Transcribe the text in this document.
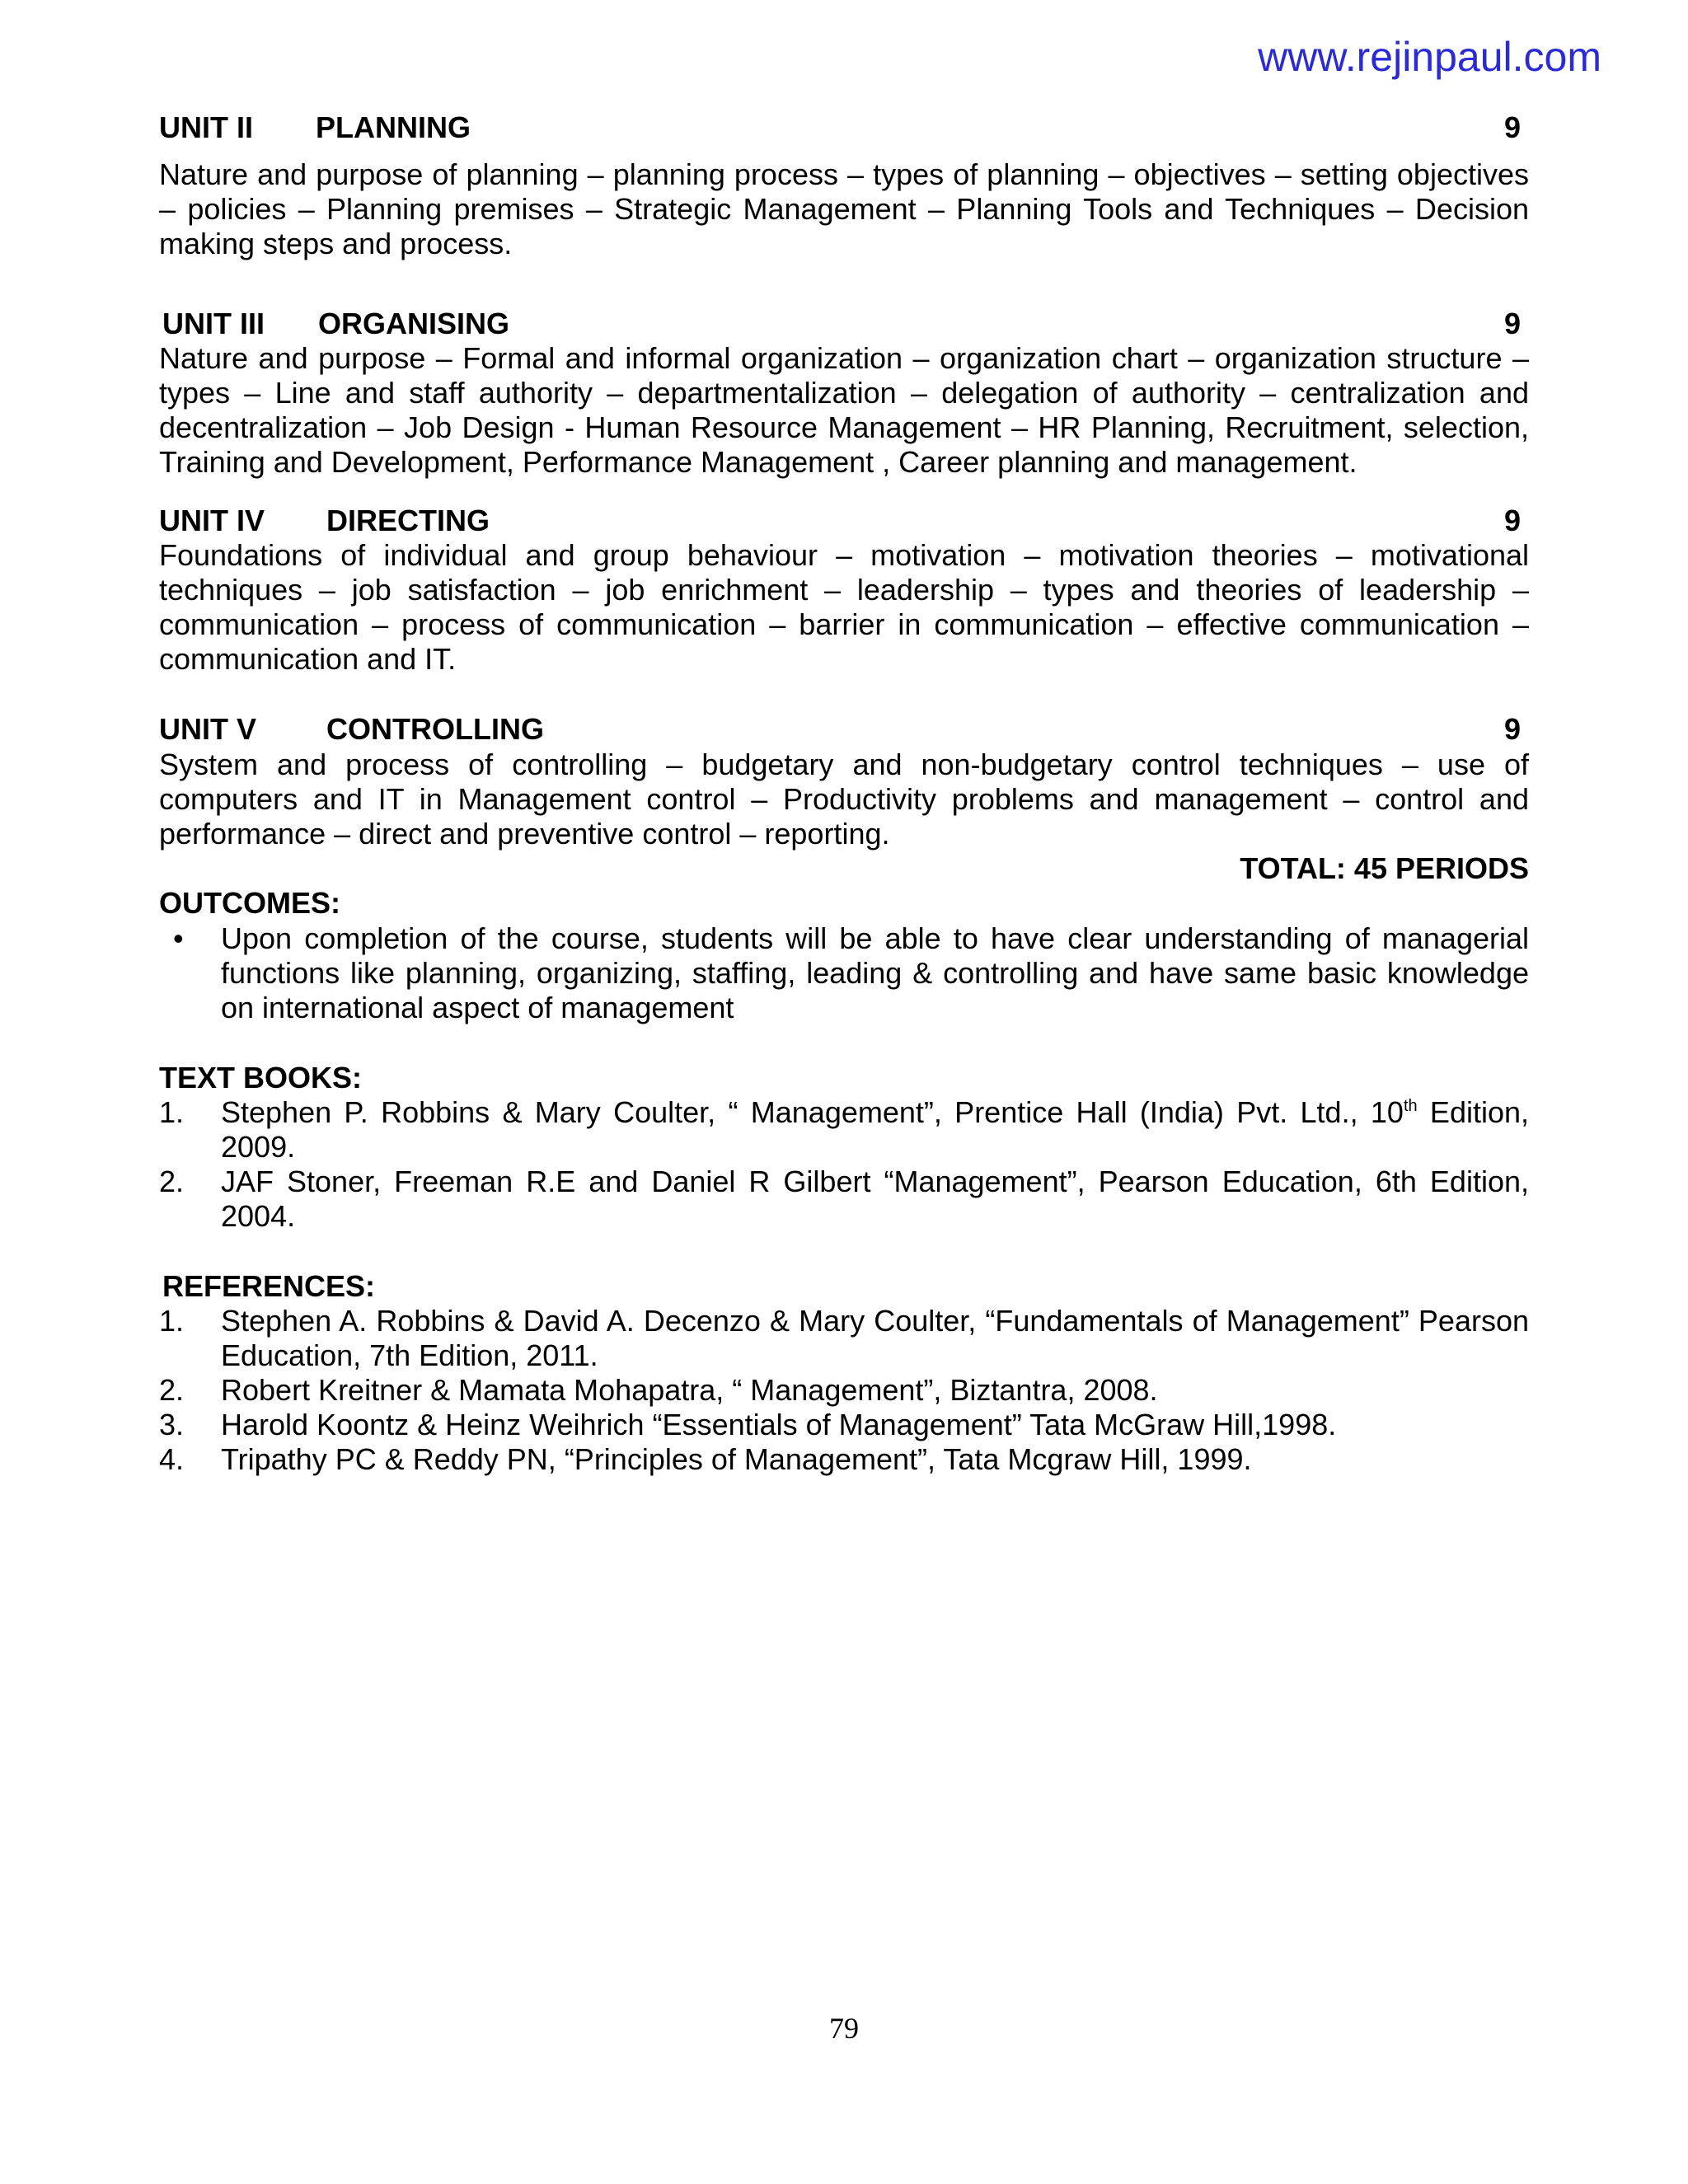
www.rejinpaul.com
UNIT II PLANNING	9
Nature and purpose of planning – planning process – types of planning – objectives – setting objectives – policies – Planning premises – Strategic Management – Planning Tools and Techniques – Decision making steps and process.
UNIT III ORGANISING	9
Nature and purpose – Formal and informal organization – organization chart – organization structure – types – Line and staff authority – departmentalization – delegation of authority – centralization and decentralization – Job Design - Human Resource Management – HR Planning, Recruitment, selection, Training and Development, Performance Management , Career planning and management.
UNIT IV DIRECTING	9
Foundations of individual and group behaviour – motivation – motivation theories – motivational techniques – job satisfaction – job enrichment – leadership – types and theories of leadership – communication – process of communication – barrier in communication – effective communication – communication and IT.
UNIT V CONTROLLING	9
System and process of controlling – budgetary and non-budgetary control techniques – use of computers and IT in Management control – Productivity problems and management – control and performance – direct and preventive control – reporting.
TOTAL: 45 PERIODS
OUTCOMES:
• Upon completion of the course, students will be able to have clear understanding of managerial functions like planning, organizing, staffing, leading & controlling and have same basic knowledge on international aspect of management
TEXT BOOKS:
1. Stephen P. Robbins & Mary Coulter, “ Management”, Prentice Hall (India) Pvt. Ltd., 10th Edition, 2009.
2. JAF Stoner, Freeman R.E and Daniel R Gilbert “Management”, Pearson Education, 6th Edition, 2004.
REFERENCES:
1. Stephen A. Robbins & David A. Decenzo & Mary Coulter, “Fundamentals of Management” Pearson Education, 7th Edition, 2011.
2. Robert Kreitner & Mamata Mohapatra, “ Management”, Biztantra, 2008.
3. Harold Koontz & Heinz Weihrich “Essentials of Management” Tata McGraw Hill,1998.
4. Tripathy PC & Reddy PN, “Principles of Management”, Tata Mcgraw Hill, 1999.
79
